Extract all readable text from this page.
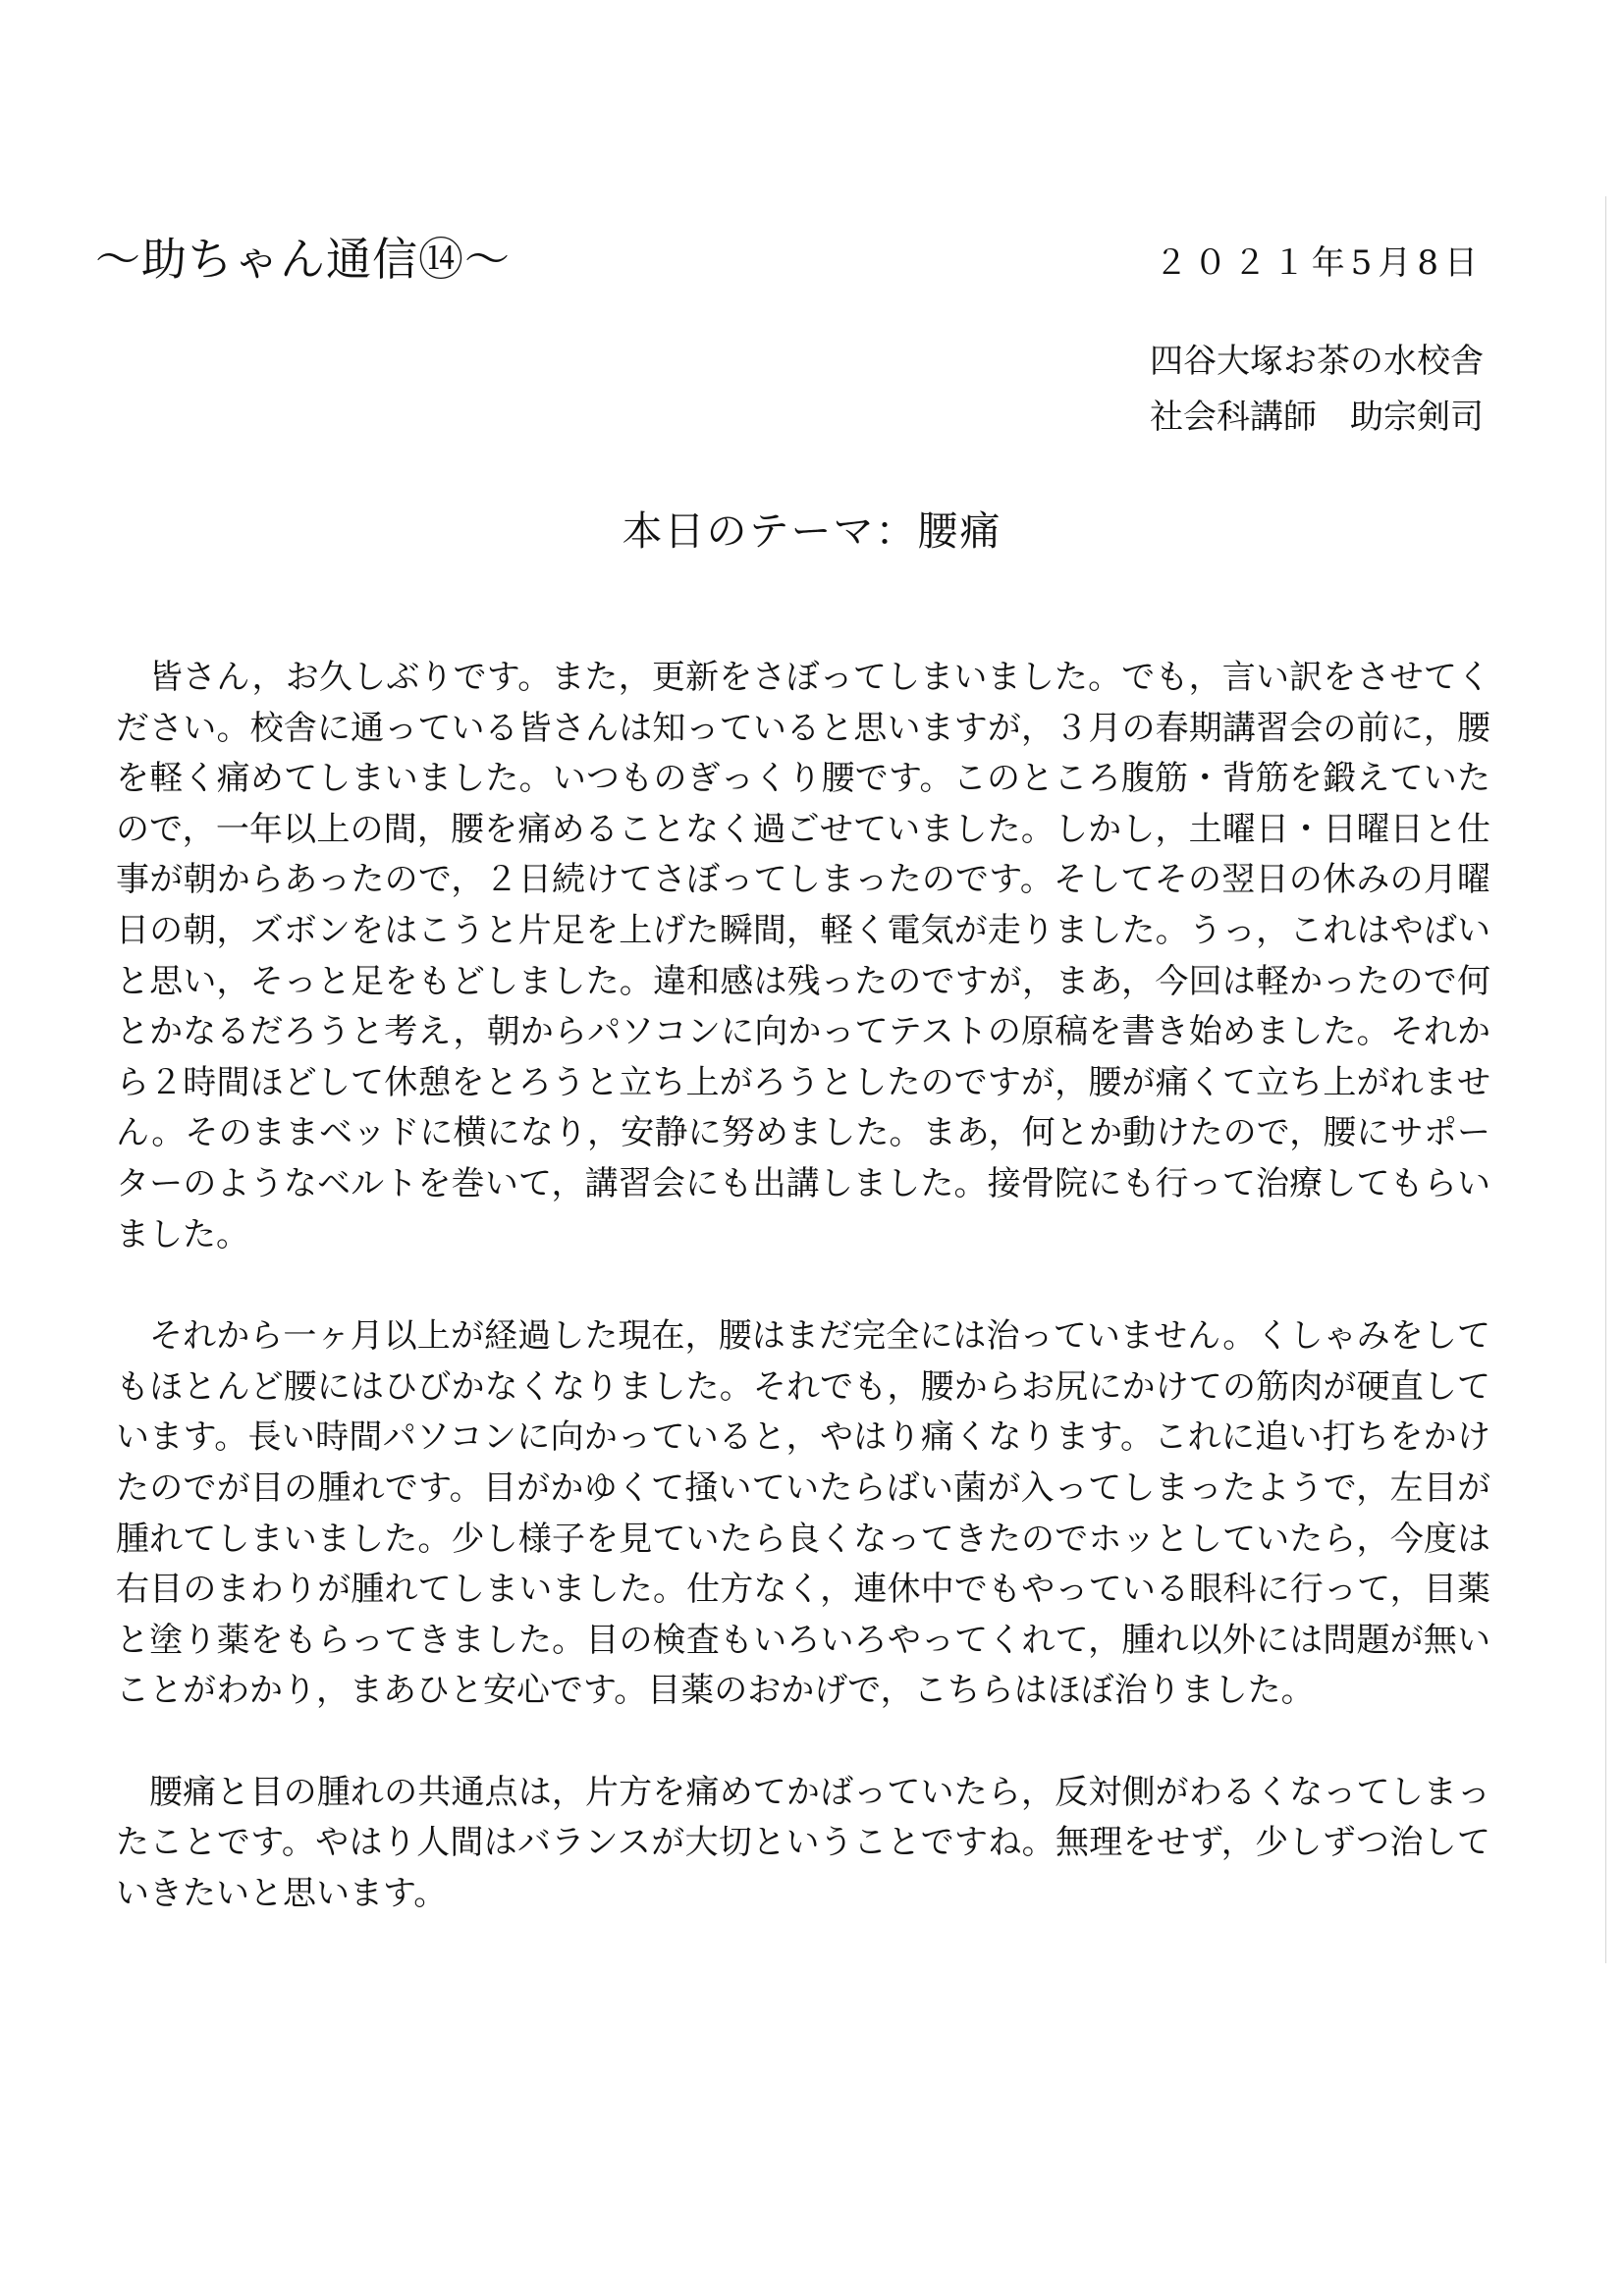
～助ちゃん通信⑭～	２０２１年5月8日
四谷大塚お茶の水校舎
社会科講師　助宗剣司
本日のテーマ：腰痛

皆さん，お久しぶりです。また，更新をさぼってしまいました。でも，言い訳をさせてください。校舎に通っている皆さんは知っていると思いますが，３月の春期講習会の前に，腰を軽く痛めてしまいました。いつものぎっくり腰です。このところ腹筋・背筋を鍛えていたので，一年以上の間，腰を痛めることなく過ごせていました。しかし，土曜日・日曜日と仕事が朝からあったので，２日続けてさぼってしまったのです。そしてその翌日の休みの月曜日の朝，ズボンをはこうと片足を上げた瞬間，軽く電気が走りました。うっ，これはやばいと思い，そっと足をもどしました。違和感は残ったのですが，まあ，今回は軽かったので何とかなるだろうと考え，朝からパソコンに向かってテストの原稿を書き始めました。それから２時間ほどして休憩をとろうと立ち上がろうとしたのですが，腰が痛くて立ち上がれません。そのままベッドに横になり，安静に努めました。まあ，何とか動けたので，腰にサポーターのようなベルトを巻いて，講習会にも出講しました。接骨院にも行って治療してもらいました。

それから一ヶ月以上が経過した現在，腰はまだ完全には治っていません。くしゃみをしてもほとんど腰にはひびかなくなりました。それでも，腰からお尻にかけての筋肉が硬直しています。長い時間パソコンに向かっていると，やはり痛くなります。これに追い打ちをかけたのでが目の腫れです。目がかゆくて掻いていたらばい菌が入ってしまったようで，左目が腫れてしまいました。少し様子を見ていたら良くなってきたのでホッとしていたら，今度は右目のまわりが腫れてしまいました。仕方なく，連休中でもやっている眼科に行って，目薬と塗り薬をもらってきました。目の検査もいろいろやってくれて，腫れ以外には問題が無いことがわかり，まあひと安心です。目薬のおかげで，こちらはほぼ治りました。

腰痛と目の腫れの共通点は，片方を痛めてかばっていたら，反対側がわるくなってしまったことです。やはり人間はバランスが大切ということですね。無理をせず，少しずつ治していきたいと思います。
